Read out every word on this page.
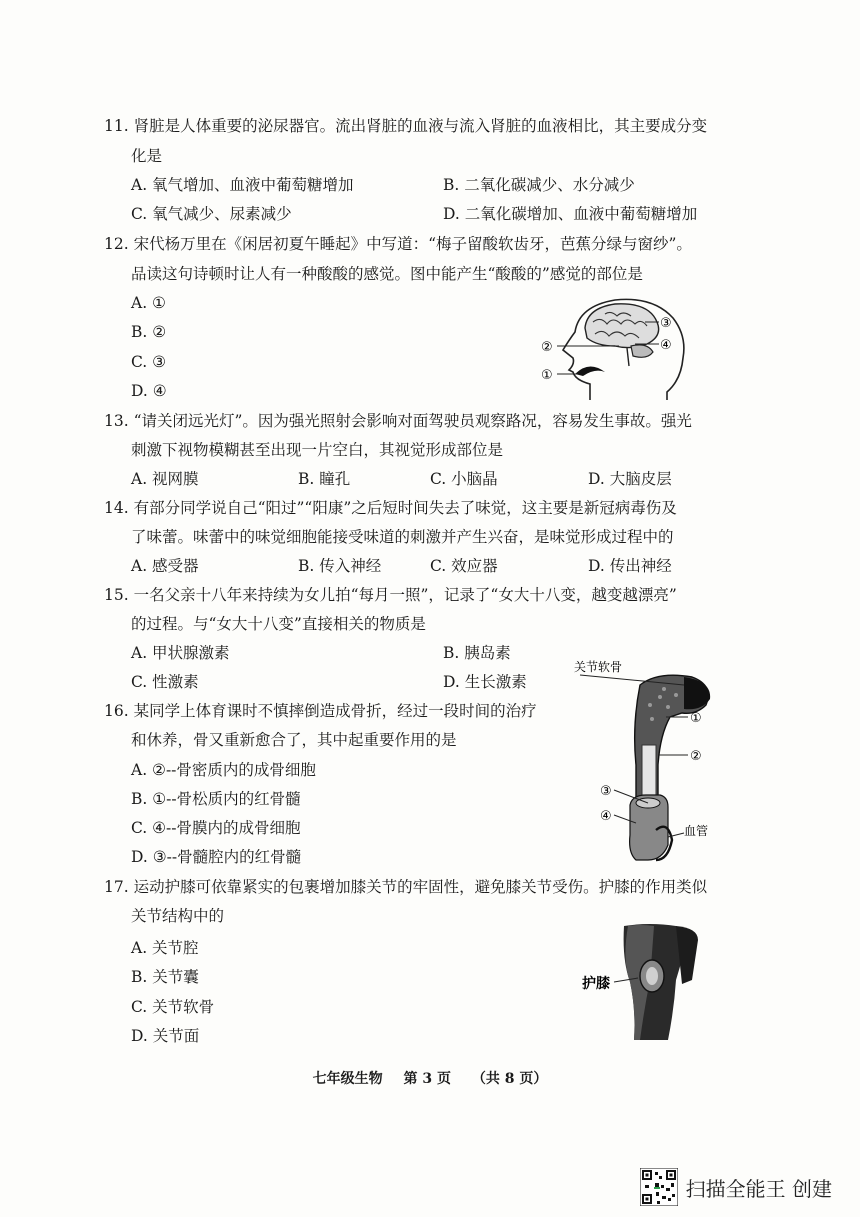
11. 肾脏是人体重要的泌尿器官。流出肾脏的血液与流入肾脏的血液相比，其主要成分变
化是
A. 氧气增加、血液中葡萄糖增加	B. 二氧化碳减少、水分减少
C. 氧气减少、尿素减少	D. 二氧化碳增加、血液中葡萄糖增加
12. 宋代杨万里在《闲居初夏午睡起》中写道：“梅子留酸软齿牙，芭蕉分绿与窗纱”。
品读这句诗顿时让人有一种酸酸的感觉。图中能产生“酸酸的”感觉的部位是
A. ①
B. ②
C. ③
D. ④
②
①
③
④
13. “请关闭远光灯”。因为强光照射会影响对面驾驶员观察路况，容易发生事故。强光
刺激下视物模糊甚至出现一片空白，其视觉形成部位是
A. 视网膜	B. 瞳孔	C. 小脑晶	D. 大脑皮层
14. 有部分同学说自己“阳过”“阳康”之后短时间失去了味觉，这主要是新冠病毒伤及
了味蕾。味蕾中的味觉细胞能接受味道的刺激并产生兴奋，是味觉形成过程中的
A. 感受器	B. 传入神经	C. 效应器	D. 传出神经
15. 一名父亲十八年来持续为女儿拍“每月一照”，记录了“女大十八变，越变越漂亮”
的过程。与“女大十八变”直接相关的物质是
A. 甲状腺激素	B. 胰岛素
C. 性激素	D. 生长激素
16. 某同学上体育课时不慎摔倒造成骨折，经过一段时间的治疗
和休养，骨又重新愈合了，其中起重要作用的是
A. ②--骨密质内的成骨细胞
B. ①--骨松质内的红骨髓
C. ④--骨膜内的成骨细胞
D. ③--骨髓腔内的红骨髓
关节软骨
①
②
③
④
血管
17. 运动护膝可依靠紧实的包裹增加膝关节的牢固性，避免膝关节受伤。护膝的作用类似
关节结构中的
A. 关节腔
B. 关节囊
C. 关节软骨
D. 关节面
护膝
七年级生物 第 3 页 （共 8 页）
扫描全能王 创建
